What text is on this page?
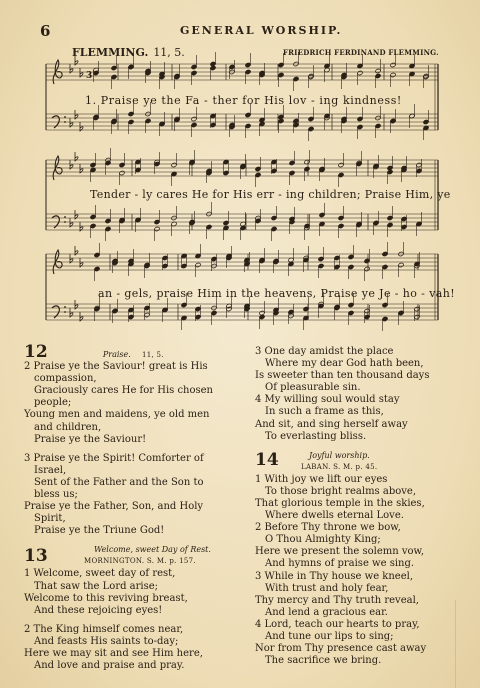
6	GENERAL WORSHIP.
FLEMMING. 11, 5.	FRIEDRICH FERDINAND FLEMMING.
3
1. Praise ye the Fa - ther for His lov - ing kindness!
Tender - ly cares He for His err - ing children; Praise Him, ye
an - gels, praise Him in the heavens, Praise ye Je - ho - vah!
12	Praise. 11, 5.
2 Praise ye the Saviour! great is His
compassion,
Graciously cares He for His chosen
people;
Young men and maidens, ye old men
and children,
Praise ye the Saviour!
3 Praise ye the Spirit! Comforter of
Israel,
Sent of the Father and the Son to
bless us;
Praise ye the Father, Son, and Holy
Spirit,
Praise ye the Triune God!
13	Welcome, sweet Day of Rest.
MORNINGTON. S. M. p. 157.
1 Welcome, sweet day of rest,
That saw the Lord arise;
Welcome to this reviving breast,
And these rejoicing eyes!
2 The King himself comes near,
And feasts His saints to-day;
Here we may sit and see Him here,
And love and praise and pray.
3 One day amidst the place
Where my dear God hath been,
Is sweeter than ten thousand days
Of pleasurable sin.
4 My willing soul would stay
In such a frame as this,
And sit, and sing herself away
To everlasting bliss.
14	Joyful worship.
LABAN. S. M. p. 45.
1 With joy we lift our eyes
To those bright realms above,
That glorious temple in the skies,
Where dwells eternal Love.
2 Before Thy throne we bow,
O Thou Almighty King;
Here we present the solemn vow,
And hymns of praise we sing.
3 While in Thy house we kneel,
With trust and holy fear,
Thy mercy and Thy truth reveal,
And lend a gracious ear.
4 Lord, teach our hearts to pray,
And tune our lips to sing;
Nor from Thy presence cast away
The sacrifice we bring.
